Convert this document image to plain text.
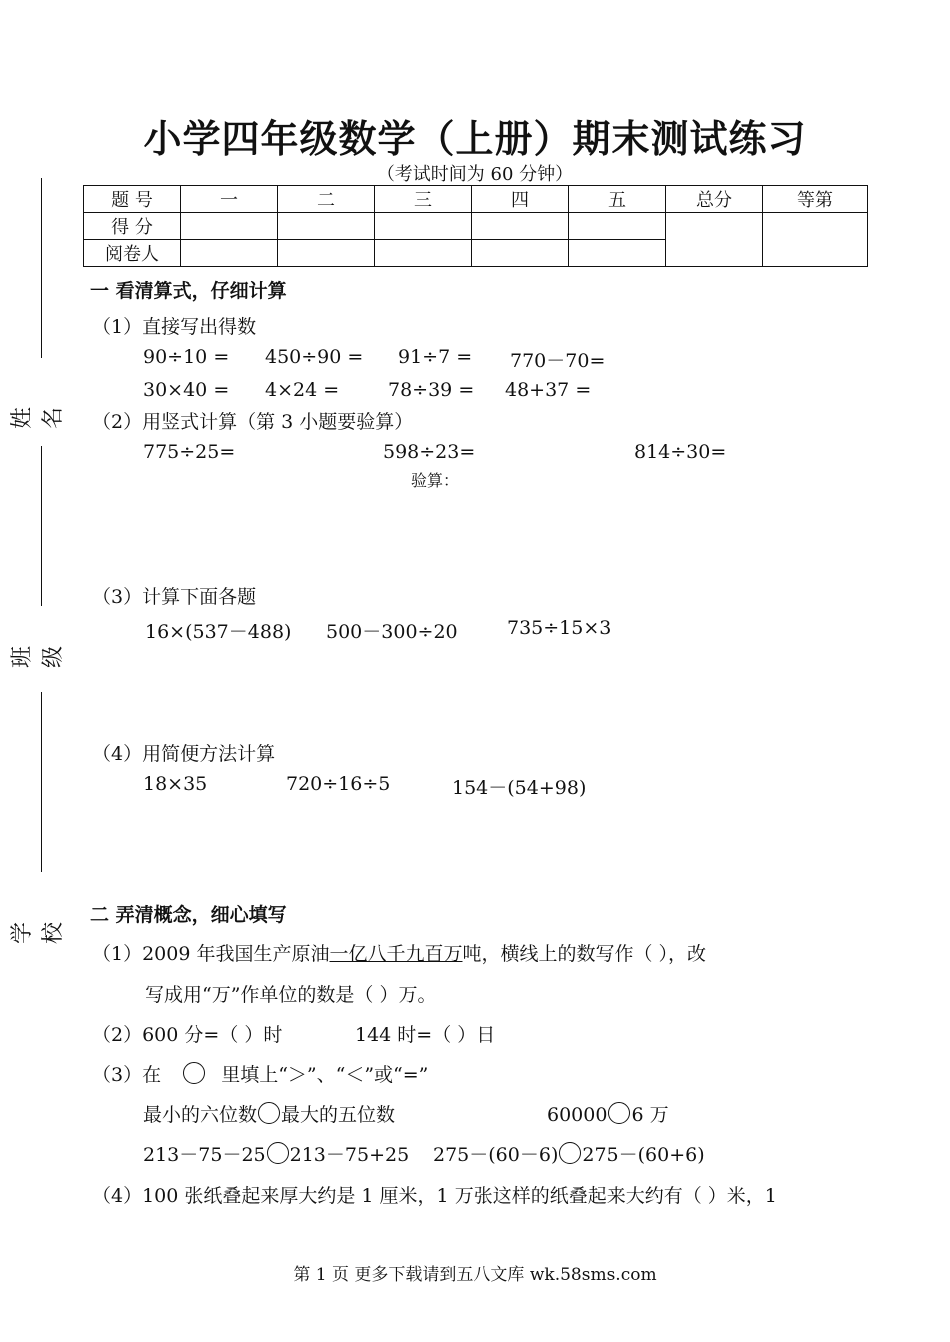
小学四年级数学（上册）期末测试练习
（考试时间为 60 分钟）
姓名
班级
学校
题 号	一	二	三	四	五	总分	等第
得 分							
阅卷人							
一 看清算式，仔细计算
（1）直接写出得数
90÷10 = 450÷90 = 91÷7 = 770－70=
30×40 = 4×24 =	78÷39 = 48+37 =
（2）用竖式计算（第 3 小题要验算）
775÷25=	598÷23=	814÷30=
验算：
（3）计算下面各题
16×(537－488) 500－300÷20	735÷15×3
（4）用简便方法计算
18×35	720÷16÷5	154－(54+98)
二 弄清概念，细心填写
（1）2009 年我国生产原油一亿八千九百万吨，横线上的数写作（ ），改
写成用“万”作单位的数是（ ）万。
（2）600 分=（ ）时	144 时=（ ）日
（3）在	里填上“＞”、“＜”或“=”
最小的六位数 最大的五位数	60000 6 万
213－75－25 213－75+25 275－(60－6) 275－(60+6)
（4）100 张纸叠起来厚大约是 1 厘米，1 万张这样的纸叠起来大约有（ ）米，1
第 1 页 更多下载请到五八文库 wk.58sms.com
